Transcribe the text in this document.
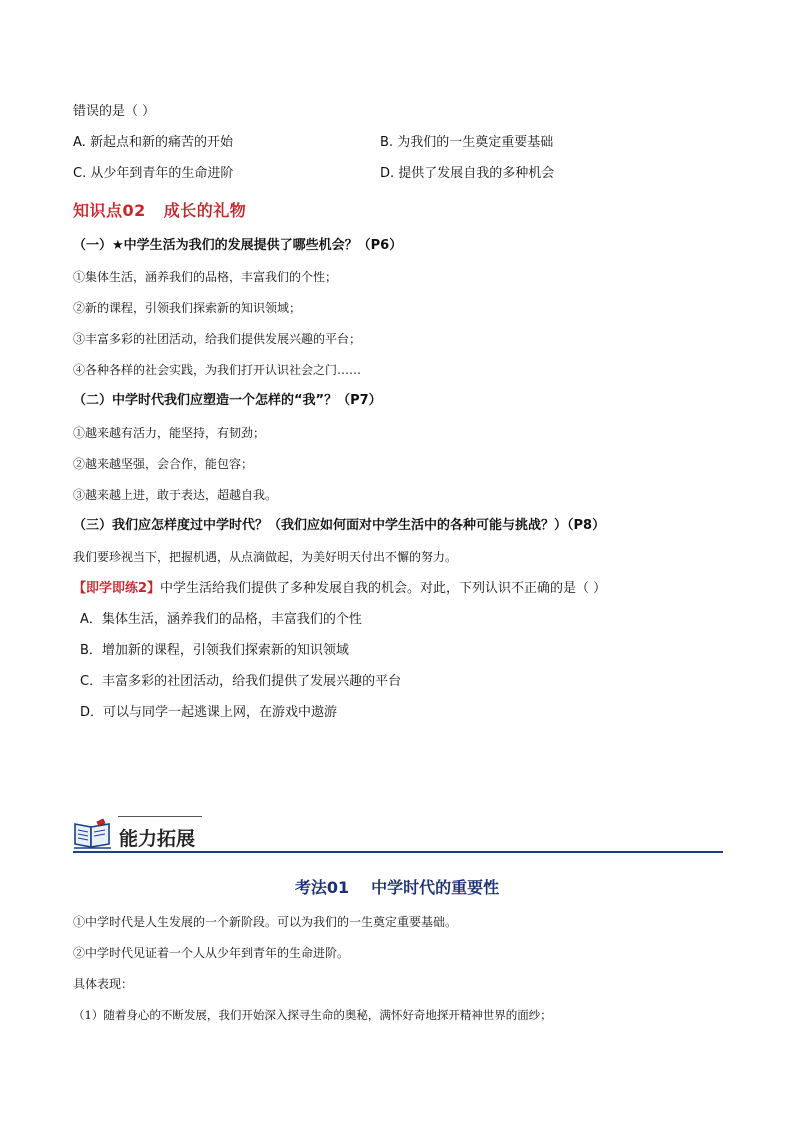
错误的是（ ）
A. 新起点和新的痛苦的开始	B. 为我们的一生奠定重要基础
C. 从少年到青年的生命进阶	D. 提供了发展自我的多种机会
知识点02 成长的礼物
（一）★中学生活为我们的发展提供了哪些机会？（P6）
①集体生活，涵养我们的品格，丰富我们的个性；
②新的课程，引领我们探索新的知识领域；
③丰富多彩的社团活动，给我们提供发展兴趣的平台；
④各种各样的社会实践，为我们打开认识社会之门……
（二）中学时代我们应塑造一个怎样的“我”？（P7）
①越来越有活力，能坚持，有韧劲；
②越来越坚强，会合作，能包容；
③越来越上进，敢于表达，超越自我。
（三）我们应怎样度过中学时代？（我们应如何面对中学生活中的各种可能与挑战？）（P8）
我们要珍视当下，把握机遇，从点滴做起，为美好明天付出不懈的努力。
【即学即练2】中学生活给我们提供了多种发展自我的机会。对此，下列认识不正确的是（ ）
A．集体生活，涵养我们的品格，丰富我们的个性
B．增加新的课程，引领我们探索新的知识领域
C．丰富多彩的社团活动，给我们提供了发展兴趣的平台
D．可以与同学一起逃课上网，在游戏中遨游
能力拓展
考法01 中学时代的重要性
①中学时代是人生发展的一个新阶段。可以为我们的一生奠定重要基础。
②中学时代见证着一个人从少年到青年的生命进阶。
具体表现：
（1）随着身心的不断发展，我们开始深入探寻生命的奥秘，满怀好奇地探开精神世界的面纱；
